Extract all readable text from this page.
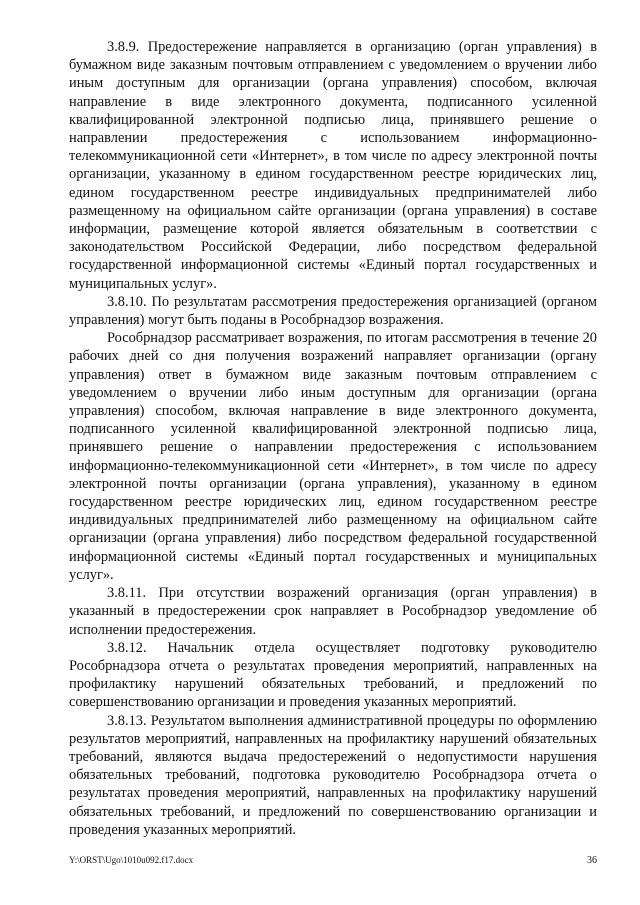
3.8.9. Предостережение направляется в организацию (орган управления) в бумажном виде заказным почтовым отправлением с уведомлением о вручении либо иным доступным для организации (органа управления) способом, включая направление в виде электронного документа, подписанного усиленной квалифицированной электронной подписью лица, принявшего решение о направлении предостережения с использованием информационно-телекоммуникационной сети «Интернет», в том числе по адресу электронной почты организации, указанному в едином государственном реестре юридических лиц, едином государственном реестре индивидуальных предпринимателей либо размещенному на официальном сайте организации (органа управления) в составе информации, размещение которой является обязательным в соответствии с законодательством Российской Федерации, либо посредством федеральной государственной информационной системы «Единый портал государственных и муниципальных услуг».

3.8.10. По результатам рассмотрения предостережения организацией (органом управления) могут быть поданы в Рособрнадзор возражения.

Рособрнадзор рассматривает возражения, по итогам рассмотрения в течение 20 рабочих дней со дня получения возражений направляет организации (органу управления) ответ в бумажном виде заказным почтовым отправлением с уведомлением о вручении либо иным доступным для организации (органа управления) способом, включая направление в виде электронного документа, подписанного усиленной квалифицированной электронной подписью лица, принявшего решение о направлении предостережения с использованием информационно-телекоммуникационной сети «Интернет», в том числе по адресу электронной почты организации (органа управления), указанному в едином государственном реестре юридических лиц, едином государственном реестре индивидуальных предпринимателей либо размещенному на официальном сайте организации (органа управления) либо посредством федеральной государственной информационной системы «Единый портал государственных и муниципальных услуг».

3.8.11. При отсутствии возражений организация (орган управления) в указанный в предостережении срок направляет в Рособрнадзор уведомление об исполнении предостережения.

3.8.12. Начальник отдела осуществляет подготовку руководителю Рособрнадзора отчета о результатах проведения мероприятий, направленных на профилактику нарушений обязательных требований, и предложений по совершенствованию организации и проведения указанных мероприятий.

3.8.13. Результатом выполнения административной процедуры по оформлению результатов мероприятий, направленных на профилактику нарушений обязательных требований, являются выдача предостережений о недопустимости нарушения обязательных требований, подготовка руководителю Рособрнадзора отчета о результатах проведения мероприятий, направленных на профилактику нарушений обязательных требований, и предложений по совершенствованию организации и проведения указанных мероприятий.

Y:\ORST\Ugo\1010u092.f17.docx	36
